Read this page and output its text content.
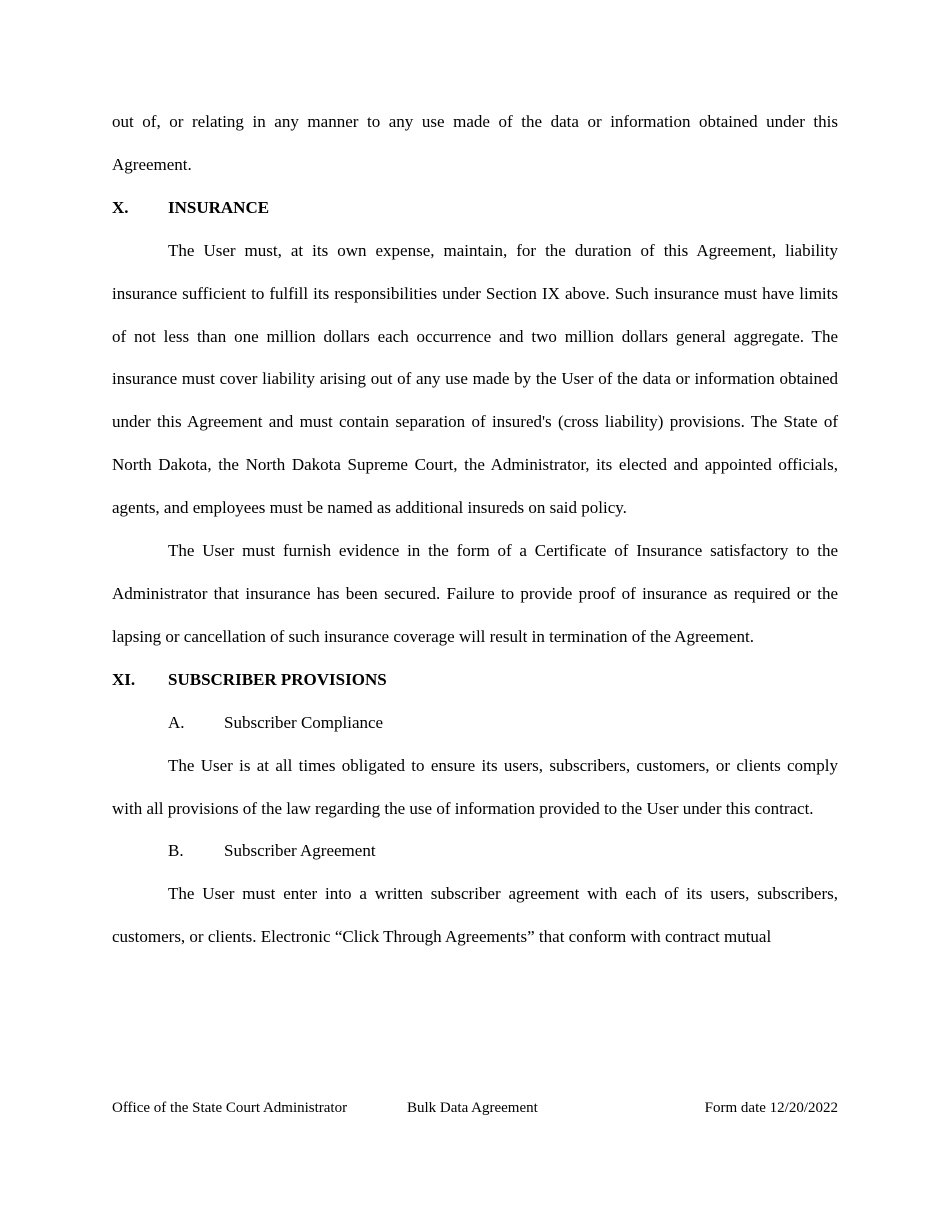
out of, or relating in any manner to any use made of the data or information obtained under this Agreement.

X.	INSURANCE

The User must, at its own expense, maintain, for the duration of this Agreement, liability insurance sufficient to fulfill its responsibilities under Section IX above. Such insurance must have limits of not less than one million dollars each occurrence and two million dollars general aggregate. The insurance must cover liability arising out of any use made by the User of the data or information obtained under this Agreement and must contain separation of insured's (cross liability) provisions. The State of North Dakota, the North Dakota Supreme Court, the Administrator, its elected and appointed officials, agents, and employees must be named as additional insureds on said policy.

The User must furnish evidence in the form of a Certificate of Insurance satisfactory to the Administrator that insurance has been secured. Failure to provide proof of insurance as required or the lapsing or cancellation of such insurance coverage will result in termination of the Agreement.

XI.	SUBSCRIBER PROVISIONS
A.	Subscriber Compliance

The User is at all times obligated to ensure its users, subscribers, customers, or clients comply with all provisions of the law regarding the use of information provided to the User under this contract.

B.	Subscriber Agreement

The User must enter into a written subscriber agreement with each of its users, subscribers, customers, or clients. Electronic “Click Through Agreements” that conform with contract mutual

Office of the State Court Administrator	Bulk Data Agreement	Form date 12/20/2022
